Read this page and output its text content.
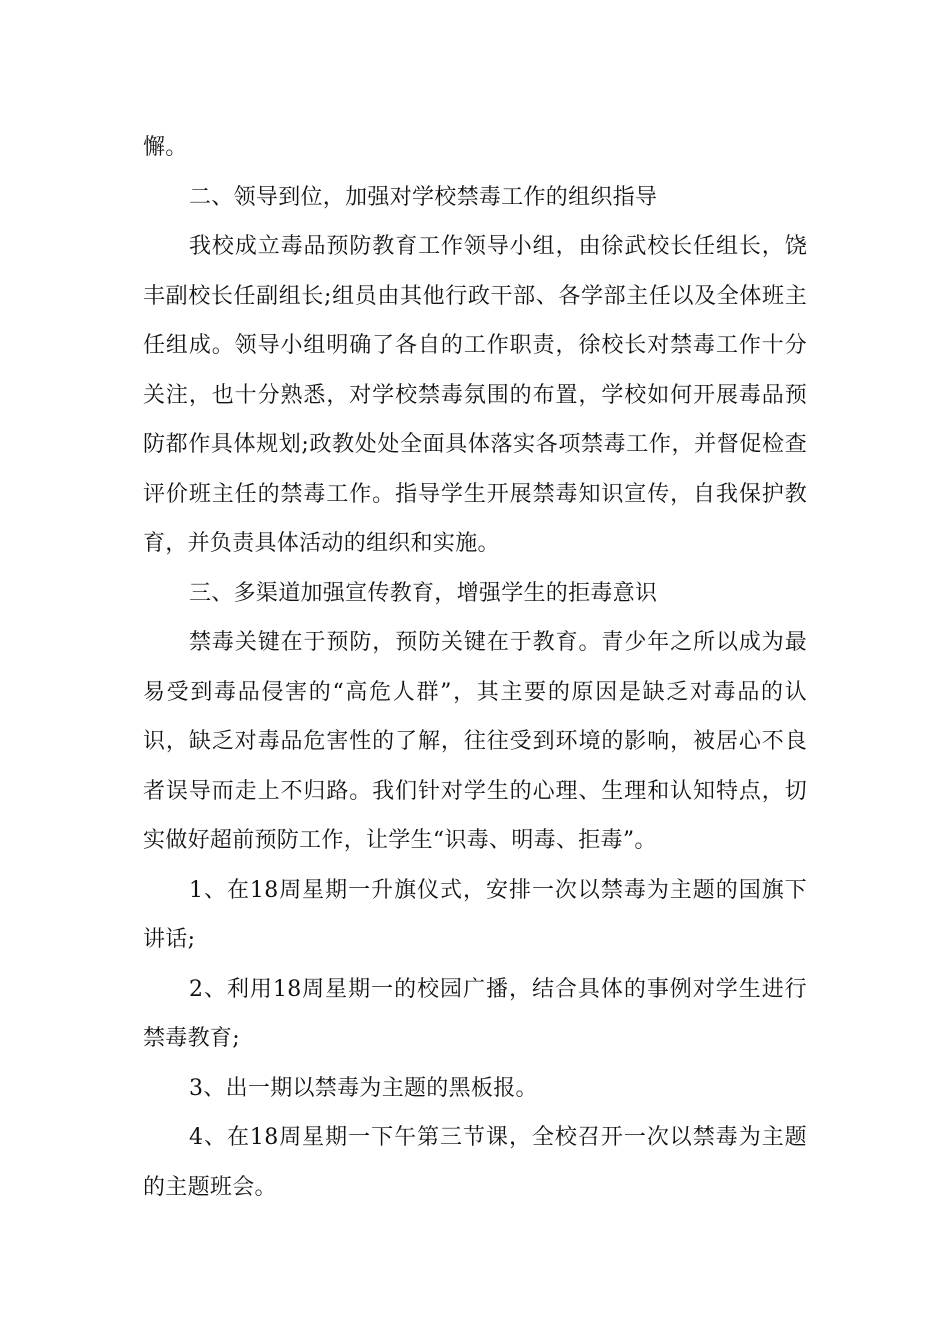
懈。

二、领导到位，加强对学校禁毒工作的组织指导

我校成立毒品预防教育工作领导小组，由徐武校长任组长，饶丰副校长任副组长;组员由其他行政干部、各学部主任以及全体班主任组成。领导小组明确了各自的工作职责，徐校长对禁毒工作十分关注，也十分熟悉，对学校禁毒氛围的布置，学校如何开展毒品预防都作具体规划;政教处处全面具体落实各项禁毒工作，并督促检查评价班主任的禁毒工作。指导学生开展禁毒知识宣传，自我保护教育，并负责具体活动的组织和实施。

三、多渠道加强宣传教育，增强学生的拒毒意识

禁毒关键在于预防，预防关键在于教育。青少年之所以成为最易受到毒品侵害的“高危人群”，其主要的原因是缺乏对毒品的认识，缺乏对毒品危害性的了解，往往受到环境的影响，被居心不良者误导而走上不归路。我们针对学生的心理、生理和认知特点，切实做好超前预防工作，让学生“识毒、明毒、拒毒”。

1、在18周星期一升旗仪式，安排一次以禁毒为主题的国旗下讲话;

2、利用18周星期一的校园广播，结合具体的事例对学生进行禁毒教育;

3、出一期以禁毒为主题的黑板报。

4、在18周星期一下午第三节课，全校召开一次以禁毒为主题的主题班会。
